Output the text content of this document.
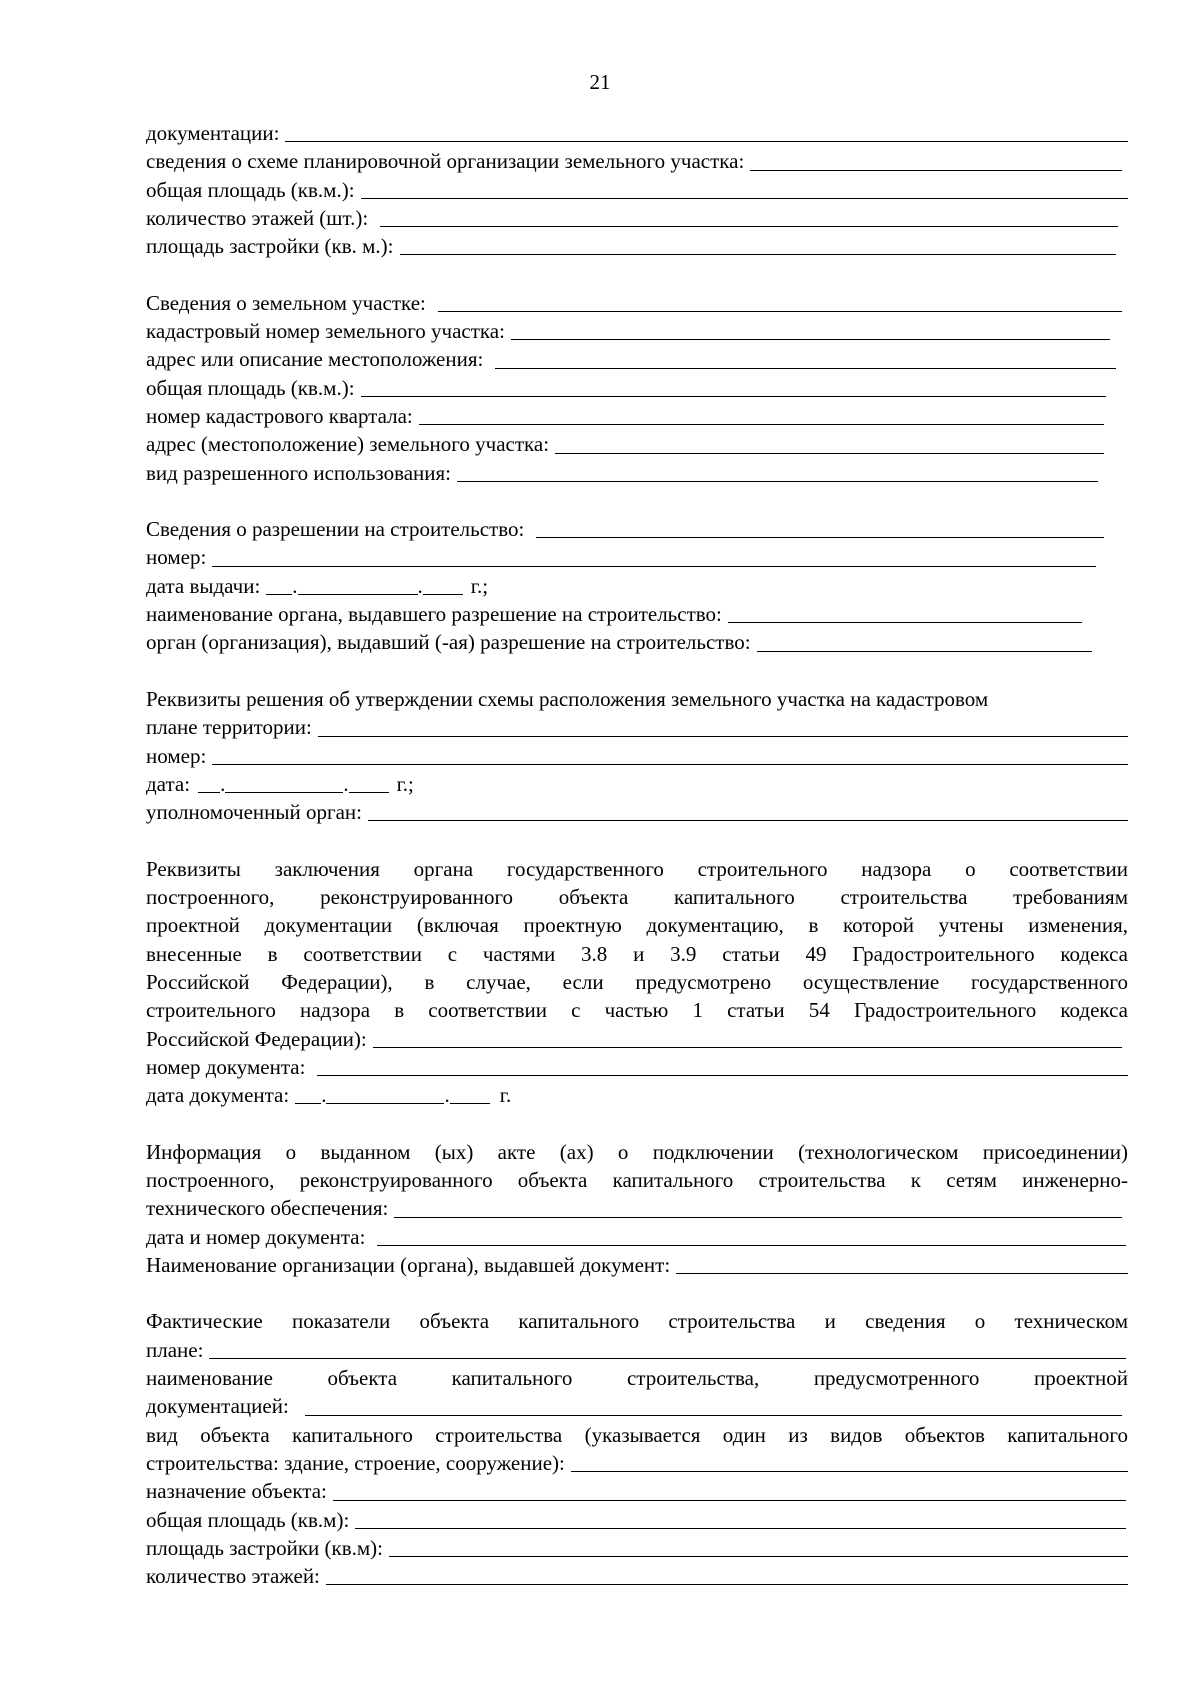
21
документации:
сведения о схеме планировочной организации земельного участка:
общая площадь (кв.м.):
количество этажей (шт.):
площадь застройки (кв. м.):
Сведения о земельном участке:
кадастровый номер земельного участка:
адрес или описание местоположения:
общая площадь (кв.м.):
номер кадастрового квартала:
адрес (местоположение) земельного участка:
вид разрешенного использования:
Сведения о разрешении на строительство:
номер:
дата выдачи: .	. г.;
наименование органа, выдавшего разрешение на строительство:
орган (организация), выдавший (-ая) разрешение на строительство:
Реквизиты решения об утверждении схемы расположения земельного участка на кадастровом
плане территории:
номер:
дата: .	. г.;
уполномоченный орган:
Реквизиты заключения органа государственного строительного надзора о соответствии
построенного, реконструированного объекта капитального строительства требованиям
проектной документации (включая проектную документацию, в которой учтены изменения,
внесенные в соответствии с частями 3.8 и 3.9 статьи 49 Градостроительного кодекса
Российской Федерации), в случае, если предусмотрено осуществление государственного
строительного надзора в соответствии с частью 1 статьи 54 Градостроительного кодекса
Российской Федерации):
номер документа:
дата документа: .	. г.
Информация о выданном (ых) акте (ах) о подключении (технологическом присоединении)
построенного, реконструированного объекта капитального строительства к сетям инженерно-
технического обеспечения:
дата и номер документа:
Наименование организации (органа), выдавшей документ:
Фактические показатели объекта капитального строительства и сведения о техническом
плане:
наименование	объекта	капитального	строительства,	предусмотренного	проектной
документацией:
вид объекта капитального строительства (указывается один из видов объектов капитального
строительства: здание, строение, сооружение):
назначение объекта:
общая площадь (кв.м):
площадь застройки (кв.м):
количество этажей:
